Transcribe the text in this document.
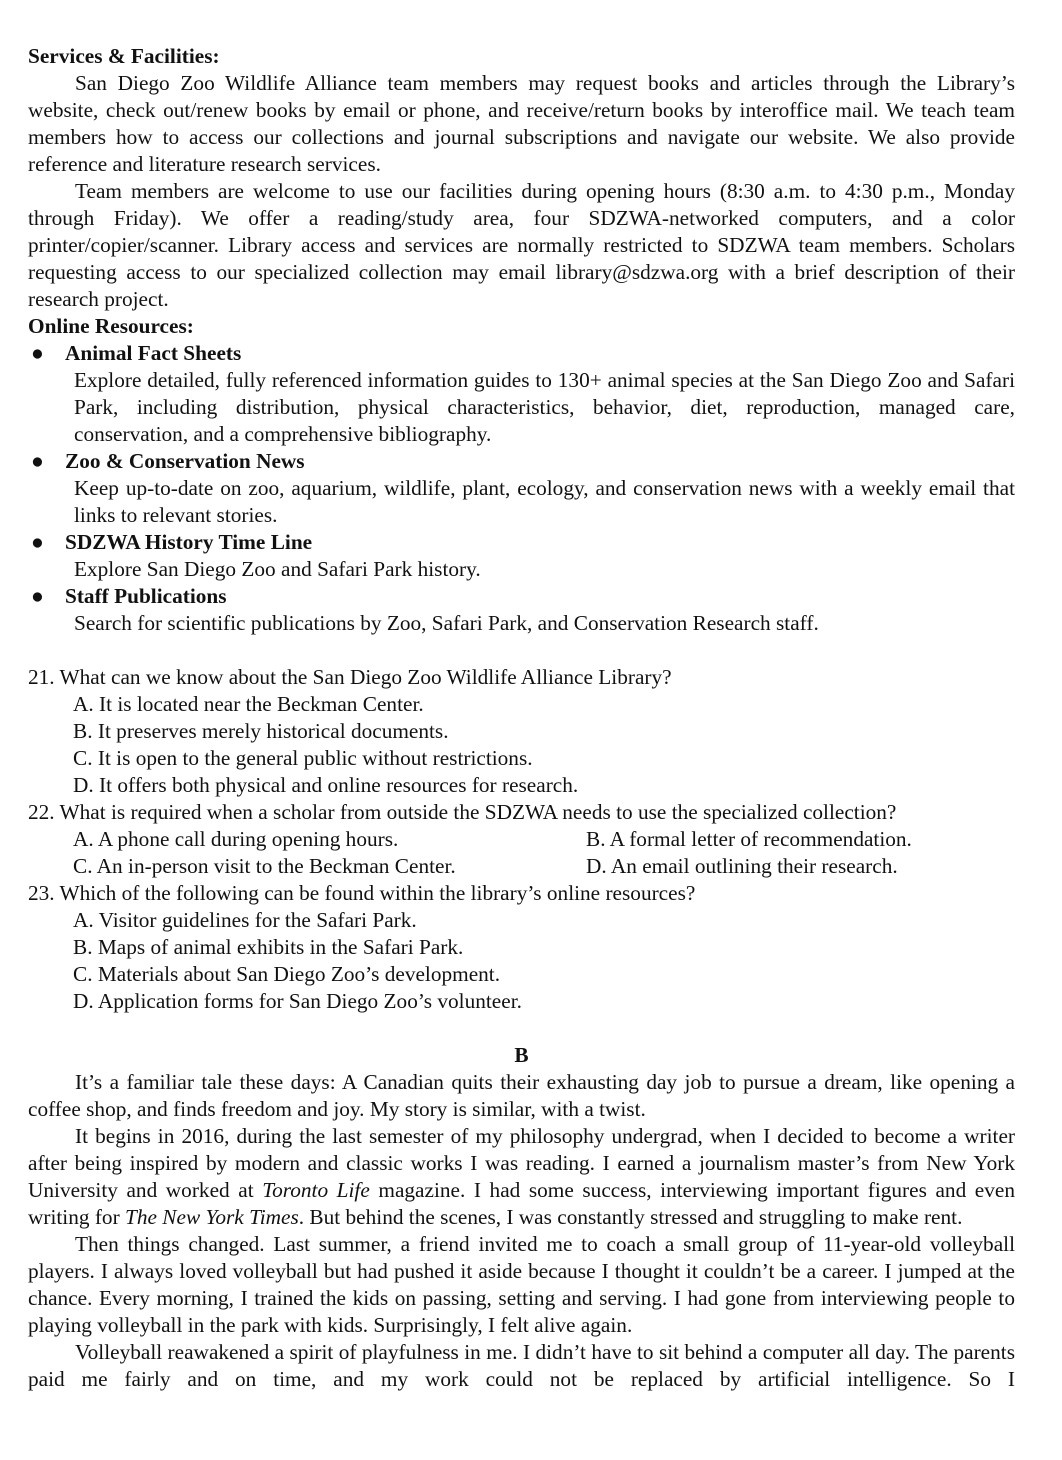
Services & Facilities:

San Diego Zoo Wildlife Alliance team members may request books and articles through the Library’s website, check out/renew books by email or phone, and receive/return books by interoffice mail. We teach team members how to access our collections and journal subscriptions and navigate our website. We also provide reference and literature research services.

Team members are welcome to use our facilities during opening hours (8:30 a.m. to 4:30 p.m., Monday through Friday). We offer a reading/study area, four SDZWA-networked computers, and a color printer/copier/scanner. Library access and services are normally restricted to SDZWA team members. Scholars requesting access to our specialized collection may email library@sdzwa.org with a brief description of their research project.

Online Resources:
● Animal Fact Sheets
Explore detailed, fully referenced information guides to 130+ animal species at the San Diego Zoo and Safari Park, including distribution, physical characteristics, behavior, diet, reproduction, managed care, conservation, and a comprehensive bibliography.
● Zoo & Conservation News
Keep up-to-date on zoo, aquarium, wildlife, plant, ecology, and conservation news with a weekly email that links to relevant stories.
● SDZWA History Time Line
Explore San Diego Zoo and Safari Park history.
● Staff Publications
Search for scientific publications by Zoo, Safari Park, and Conservation Research staff.
21. What can we know about the San Diego Zoo Wildlife Alliance Library?
A. It is located near the Beckman Center.
B. It preserves merely historical documents.
C. It is open to the general public without restrictions.
D. It offers both physical and online resources for research.
22. What is required when a scholar from outside the SDZWA needs to use the specialized collection?
A. A phone call during opening hours.	B. A formal letter of recommendation.
C. An in-person visit to the Beckman Center.	D. An email outlining their research.
23. Which of the following can be found within the library’s online resources?
A. Visitor guidelines for the Safari Park.
B. Maps of animal exhibits in the Safari Park.
C. Materials about San Diego Zoo’s development.
D. Application forms for San Diego Zoo’s volunteer.
B

It’s a familiar tale these days: A Canadian quits their exhausting day job to pursue a dream, like opening a coffee shop, and finds freedom and joy. My story is similar, with a twist.

It begins in 2016, during the last semester of my philosophy undergrad, when I decided to become a writer after being inspired by modern and classic works I was reading. I earned a journalism master’s from New York University and worked at Toronto Life magazine. I had some success, interviewing important figures and even writing for The New York Times. But behind the scenes, I was constantly stressed and struggling to make rent.

Then things changed. Last summer, a friend invited me to coach a small group of 11-year-old volleyball players. I always loved volleyball but had pushed it aside because I thought it couldn’t be a career. I jumped at the chance. Every morning, I trained the kids on passing, setting and serving. I had gone from interviewing people to playing volleyball in the park with kids. Surprisingly, I felt alive again.

Volleyball reawakened a spirit of playfulness in me. I didn’t have to sit behind a computer all day. The parents paid me fairly and on time, and my work could not be replaced by artificial intelligence. So I
